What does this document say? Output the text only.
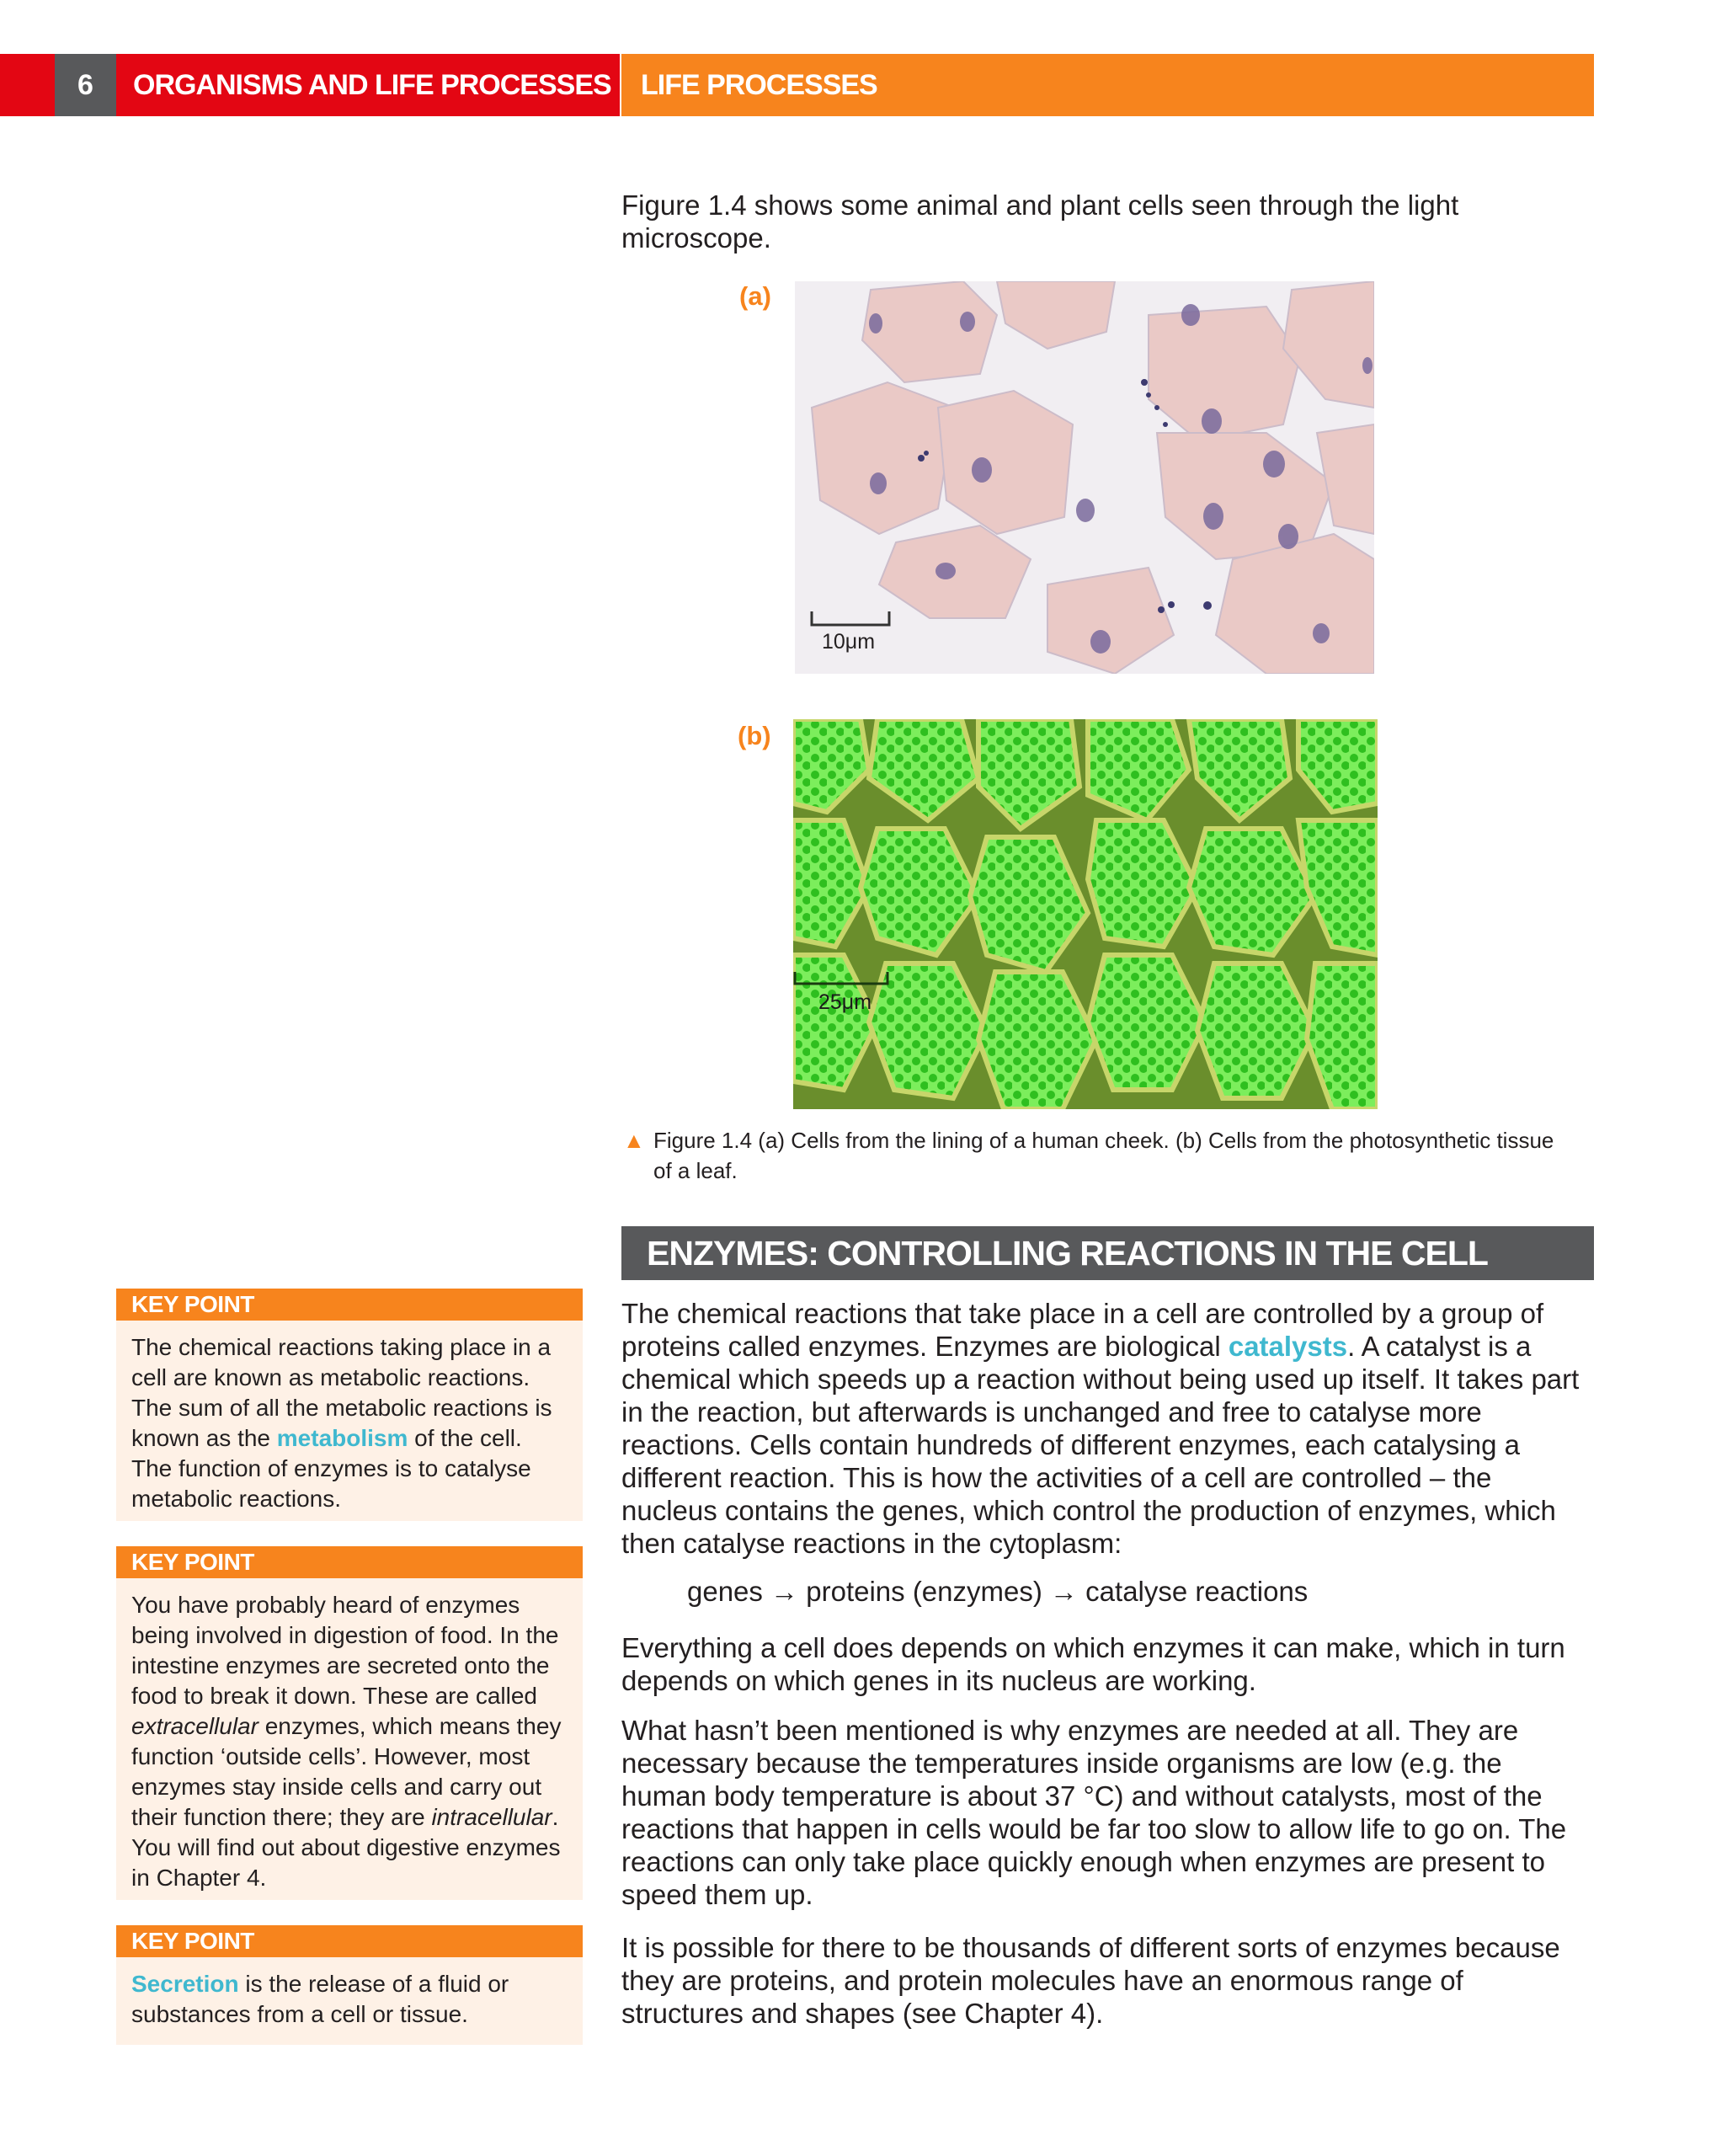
6	ORGANISMS AND LIFE PROCESSES	LIFE PROCESSES

Figure 1.4 shows some animal and plant cells seen through the light microscope.

(a)
(b)
10μm
25μm
▲ Figure 1.4 (a) Cells from the lining of a human cheek. (b) Cells from the photosynthetic tissue of a leaf.
ENZYMES: CONTROLLING REACTIONS IN THE CELL

The chemical reactions that take place in a cell are controlled by a group of proteins called enzymes. Enzymes are biological catalysts. A catalyst is a chemical which speeds up a reaction without being used up itself. It takes part in the reaction, but afterwards is unchanged and free to catalyse more reactions. Cells contain hundreds of different enzymes, each catalysing a different reaction. This is how the activities of a cell are controlled – the nucleus contains the genes, which control the production of enzymes, which then catalyse reactions in the cytoplasm:

genes → proteins (enzymes) → catalyse reactions

Everything a cell does depends on which enzymes it can make, which in turn depends on which genes in its nucleus are working.

What hasn’t been mentioned is why enzymes are needed at all. They are necessary because the temperatures inside organisms are low (e.g. the human body temperature is about 37 °C) and without catalysts, most of the reactions that happen in cells would be far too slow to allow life to go on. The reactions can only take place quickly enough when enzymes are present to speed them up.

It is possible for there to be thousands of different sorts of enzymes because they are proteins, and protein molecules have an enormous range of structures and shapes (see Chapter 4).

KEY POINT
The chemical reactions taking place in a cell are known as metabolic reactions. The sum of all the metabolic reactions is known as the metabolism of the cell. The function of enzymes is to catalyse metabolic reactions.
KEY POINT
You have probably heard of enzymes being involved in digestion of food. In the intestine enzymes are secreted onto the food to break it down. These are called extracellular enzymes, which means they function ‘outside cells’. However, most enzymes stay inside cells and carry out their function there; they are intracellular. You will find out about digestive enzymes in Chapter 4.
KEY POINT
Secretion is the release of a fluid or substances from a cell or tissue.
